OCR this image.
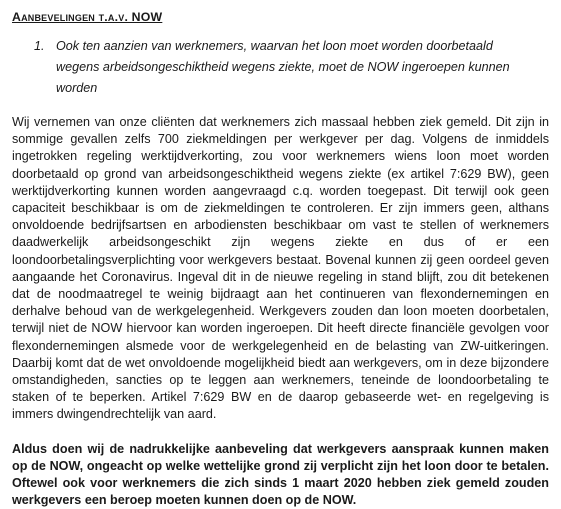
Aanbevelingen t.a.v. NOW
1. Ook ten aanzien van werknemers, waarvan het loon moet worden doorbetaald wegens arbeidsongeschiktheid wegens ziekte, moet de NOW ingeroepen kunnen worden

Wij vernemen van onze cliënten dat werknemers zich massaal hebben ziek gemeld. Dit zijn in sommige gevallen zelfs 700 ziekmeldingen per werkgever per dag. Volgens de inmiddels ingetrokken regeling werktijdverkorting, zou voor werknemers wiens loon moet worden doorbetaald op grond van arbeidsongeschiktheid wegens ziekte (ex artikel 7:629 BW), geen werktijdverkorting kunnen worden aangevraagd c.q. worden toegepast. Dit terwijl ook geen capaciteit beschikbaar is om de ziekmeldingen te controleren. Er zijn immers geen, althans onvoldoende bedrijfsartsen en arbodiensten beschikbaar om vast te stellen of werknemers daadwerkelijk arbeidsongeschikt zijn wegens ziekte en dus of er een loondoorbetalingsverplichting voor werkgevers bestaat. Bovenal kunnen zij geen oordeel geven aangaande het Coronavirus. Ingeval dit in de nieuwe regeling in stand blijft, zou dit betekenen dat de noodmaatregel te weinig bijdraagt aan het continueren van flexondernemingen en derhalve behoud van de werkgelegenheid. Werkgevers zouden dan loon moeten doorbetalen, terwijl niet de NOW hiervoor kan worden ingeroepen. Dit heeft directe financiële gevolgen voor flexondernemingen alsmede voor de werkgelegenheid en de belasting van ZW-uitkeringen. Daarbij komt dat de wet onvoldoende mogelijkheid biedt aan werkgevers, om in deze bijzondere omstandigheden, sancties op te leggen aan werknemers, teneinde de loondoorbetaling te staken of te beperken. Artikel 7:629 BW en de daarop gebaseerde wet- en regelgeving is immers dwingendrechtelijk van aard.

Aldus doen wij de nadrukkelijke aanbeveling dat werkgevers aanspraak kunnen maken op de NOW, ongeacht op welke wettelijke grond zij verplicht zijn het loon door te betalen. Oftewel ook voor werknemers die zich sinds 1 maart 2020 hebben ziek gemeld zouden werkgevers een beroep moeten kunnen doen op de NOW.
